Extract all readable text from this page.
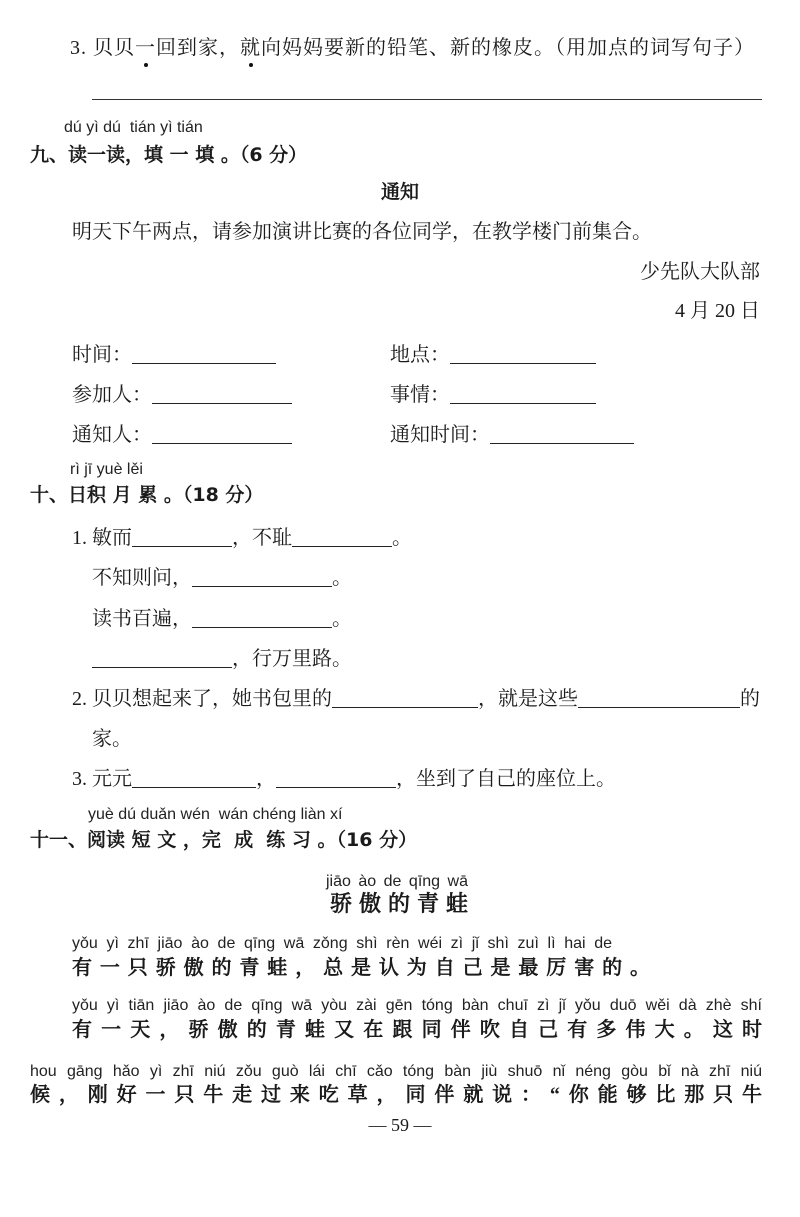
3. 贝贝一回到家，就向妈妈要新的铅笔、新的橡皮。（用加点的词写句子）
dú yì dú  tián yì tián
九、读一读，填 一 填 。（6 分）
通知
明天下午两点，请参加演讲比赛的各位同学，在教学楼门前集合。
少先队大队部
4 月 20 日
时间：	地点：
参加人：	事情：
通知人：	通知时间：
rì jī yuè lěi
十、日积 月 累 。（18 分）
1. 敏而	，不耻	。
不知则问，	。
读书百遍，	。
，行万里路。
2. 贝贝想起来了，她书包里的	，就是这些	的
家。
3. 元元	，	，坐到了自己的座位上。
yuè dú duǎn wén  wán chéng liàn xí
十一、阅读 短 文 ，完  成  练 习 。（16 分）
jiāo ào de qīng wā
骄傲的青蛙
yǒu yì zhī jiāo ào de qīng wā zǒng shì rèn wéi zì jǐ shì zuì lì hai de
有一只骄傲的青蛙，总是认为自己是最厉害的。
yǒu yì tiān jiāo ào de qīng wā yòu zài gēn tóng bàn chuī zì jǐ yǒu duō wěi dà zhè shí
有一天，骄傲的青蛙又在跟同伴吹自己有多伟大。这时
hou gāng hǎo yì zhī niú zǒu guò lái chī cǎo tóng bàn jiù shuō nǐ néng gòu bǐ nà zhī niú
候，刚好一只牛走过来吃草，同伴就说：“你能够比那只牛
— 59 —
